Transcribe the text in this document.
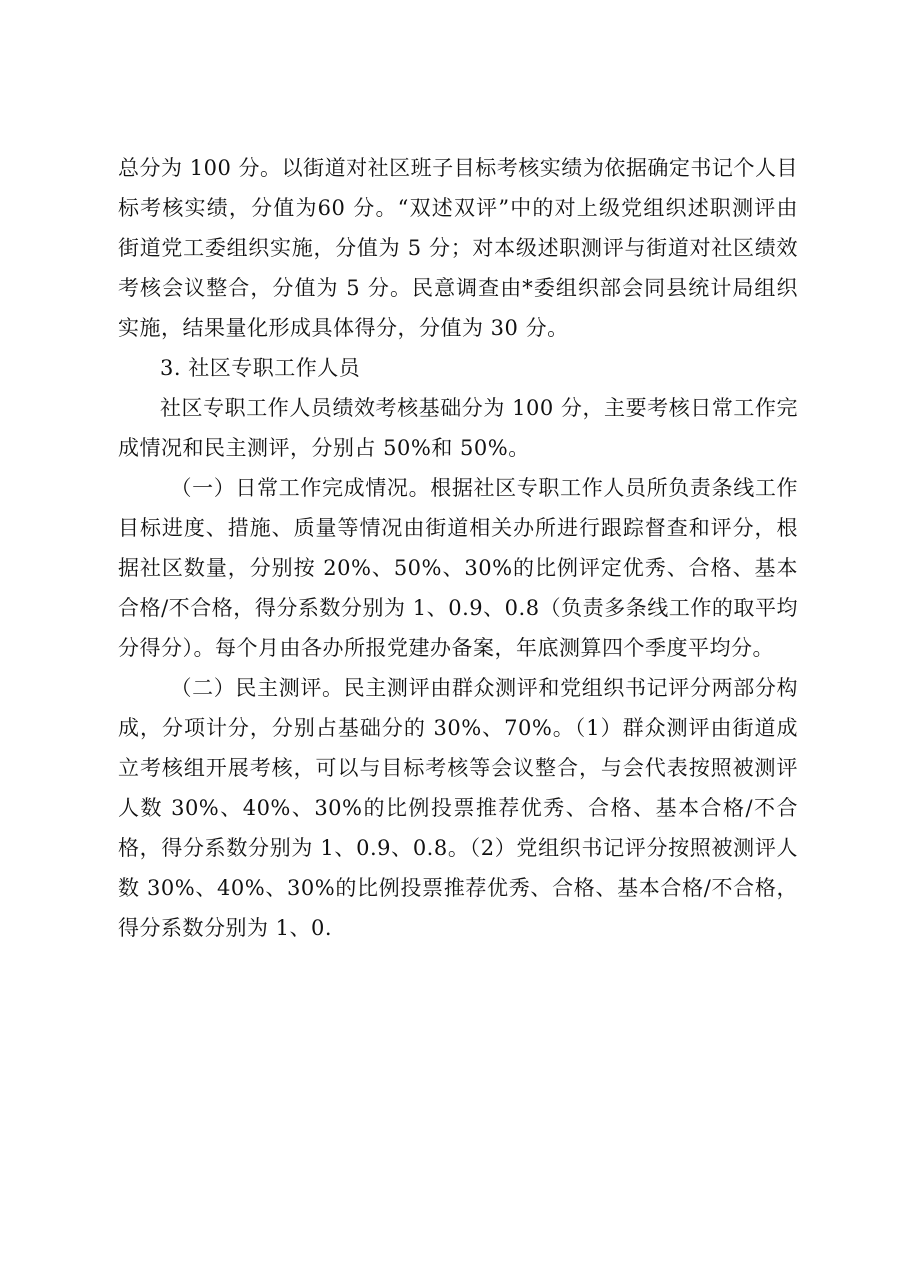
总分为 100 分。以街道对社区班子目标考核实绩为依据确定书记个人目标考核实绩，分值为60 分。“双述双评”中的对上级党组织述职测评由街道党工委组织实施，分值为 5 分；对本级述职测评与街道对社区绩效考核会议整合，分值为 5 分。民意调查由*委组织部会同县统计局组织实施，结果量化形成具体得分，分值为 30 分。

3. 社区专职工作人员

社区专职工作人员绩效考核基础分为 100 分，主要考核日常工作完成情况和民主测评，分别占 50%和 50%。

（一）日常工作完成情况。根据社区专职工作人员所负责条线工作目标进度、措施、质量等情况由街道相关办所进行跟踪督查和评分，根据社区数量，分别按 20%、50%、30%的比例评定优秀、合格、基本合格/不合格，得分系数分别为 1、0.9、0.8（负责多条线工作的取平均分得分）。每个月由各办所报党建办备案，年底测算四个季度平均分。

（二）民主测评。民主测评由群众测评和党组织书记评分两部分构成，分项计分，分别占基础分的 30%、70%。（1）群众测评由街道成立考核组开展考核，可以与目标考核等会议整合，与会代表按照被测评人数 30%、40%、30%的比例投票推荐优秀、合格、基本合格/不合格，得分系数分别为 1、0.9、0.8。（2）党组织书记评分按照被测评人数 30%、40%、30%的比例投票推荐优秀、合格、基本合格/不合格，得分系数分别为 1、0.
